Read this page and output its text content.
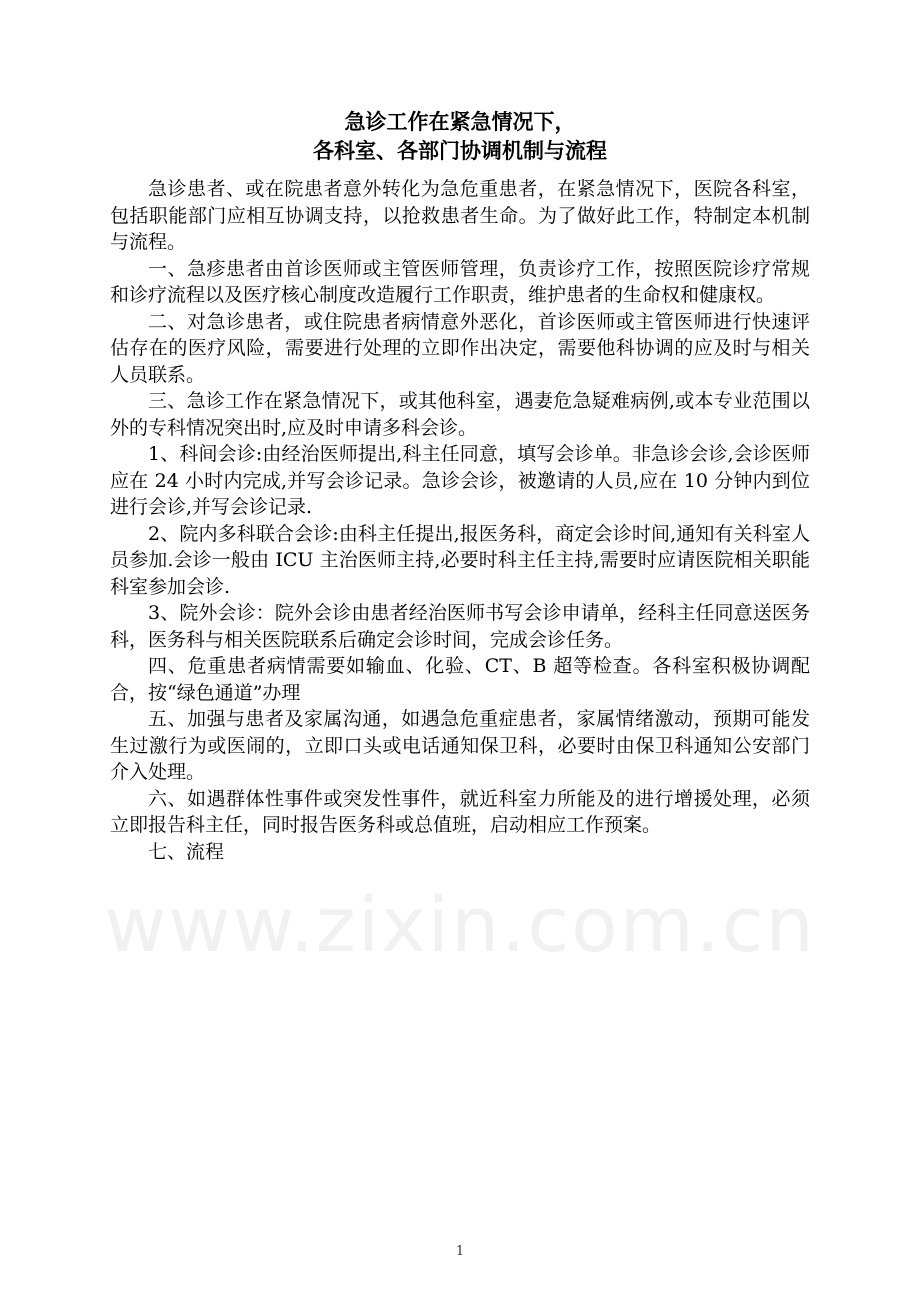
急诊工作在紧急情况下，
各科室、各部门协调机制与流程

急诊患者、或在院患者意外转化为急危重患者，在紧急情况下，医院各科室，包括职能部门应相互协调支持，以抢救患者生命。为了做好此工作，特制定本机制与流程。

一、急疹患者由首诊医师或主管医师管理，负责诊疗工作，按照医院诊疗常规和诊疗流程以及医疗核心制度改造履行工作职责，维护患者的生命权和健康权。

二、对急诊患者，或住院患者病情意外恶化，首诊医师或主管医师进行快速评估存在的医疗风险，需要进行处理的立即作出决定，需要他科协调的应及时与相关人员联系。

三、急诊工作在紧急情况下，或其他科室，遇妻危急疑难病例,或本专业范围以外的专科情况突出时,应及时申请多科会诊。

1、科间会诊:由经治医师提出,科主任同意，填写会诊单。非急诊会诊,会诊医师应在 24 小时内完成,并写会诊记录。急诊会诊，被邀请的人员,应在 10 分钟内到位进行会诊,并写会诊记录.

2、院内多科联合会诊:由科主任提出,报医务科，商定会诊时间,通知有关科室人员参加.会诊一般由 ICU 主治医师主持,必要时科主任主持,需要时应请医院相关职能科室参加会诊.

3、院外会诊：院外会诊由患者经治医师书写会诊申请单，经科主任同意送医务科，医务科与相关医院联系后确定会诊时间，完成会诊任务。

四、危重患者病情需要如输血、化验、CT、B 超等检查。各科室积极协调配合，按“绿色通道”办理

五、加强与患者及家属沟通，如遇急危重症患者，家属情绪激动，预期可能发生过激行为或医闹的，立即口头或电话通知保卫科，必要时由保卫科通知公安部门介入处理。

六、如遇群体性事件或突发性事件，就近科室力所能及的进行增援处理，必须立即报告科主任，同时报告医务科或总值班，启动相应工作预案。

七、流程

www.zixin.com.cn
1
